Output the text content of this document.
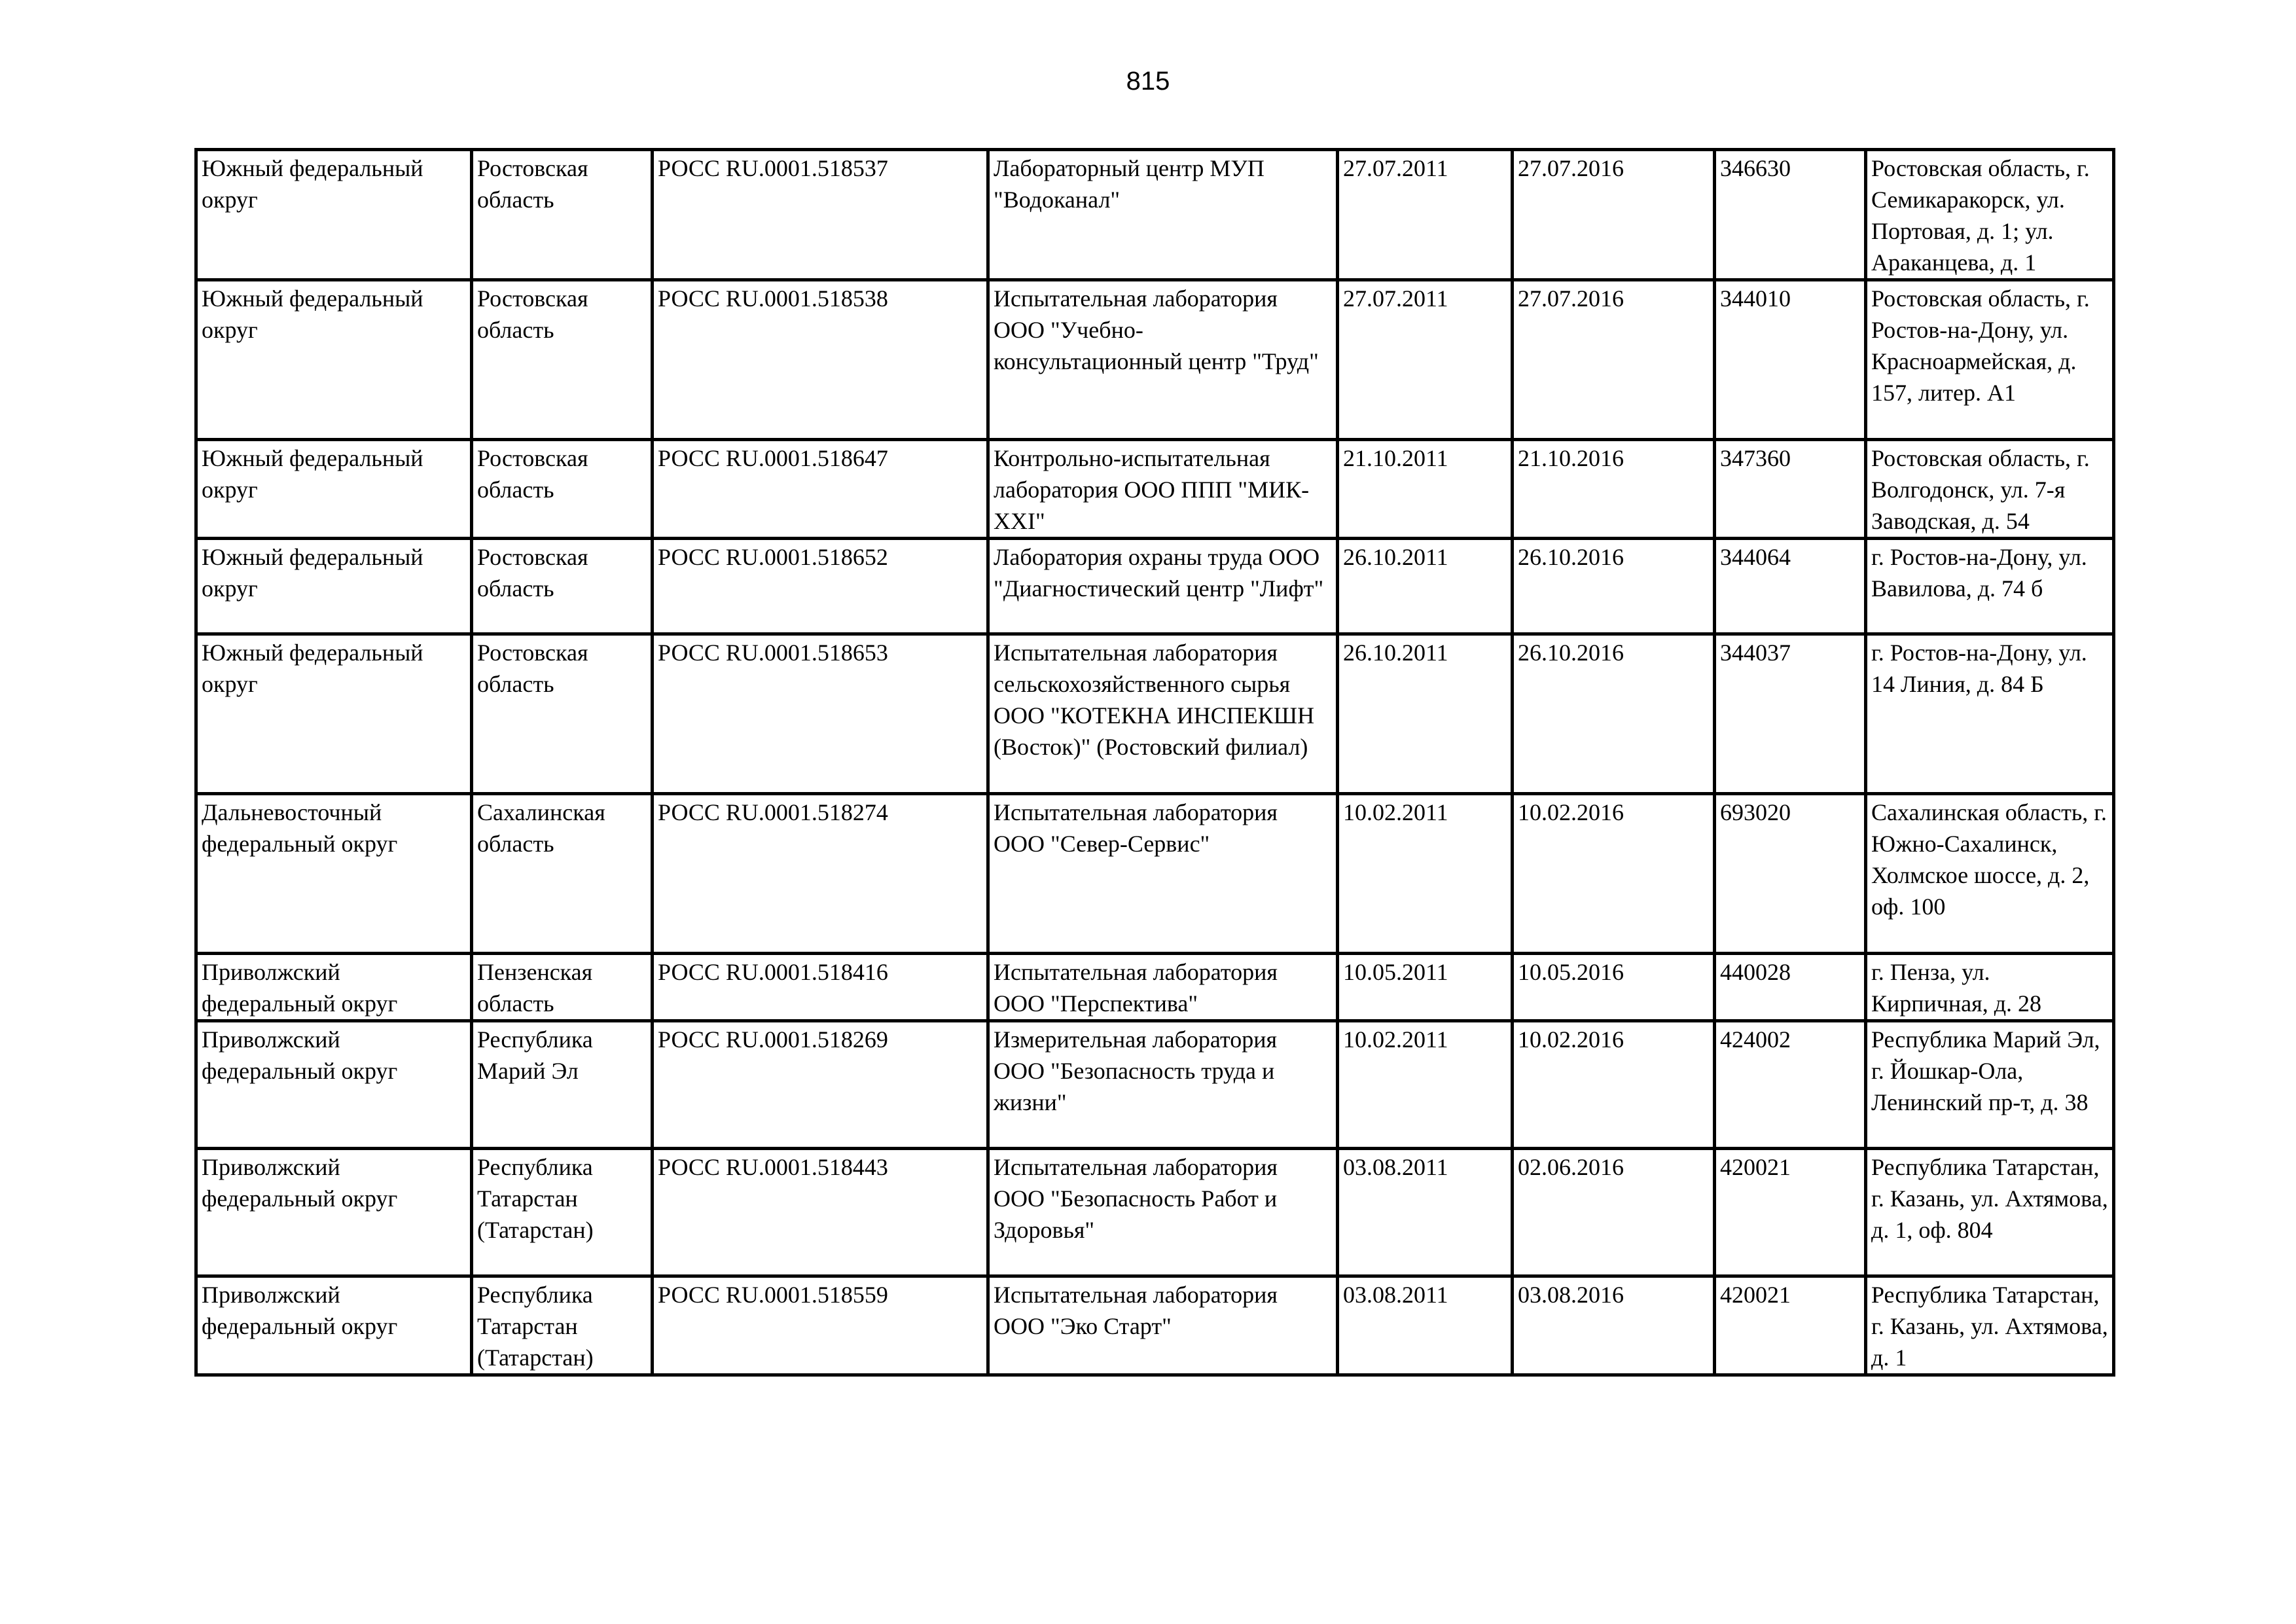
815
Южный федеральный округ	Ростовская область	РОСС RU.0001.518537	Лабораторный центр МУП "Водоканал"	27.07.2011	27.07.2016	346630	Ростовская область, г. Семикаракорск, ул. Портовая, д. 1; ул. Араканцева, д. 1
Южный федеральный округ	Ростовская область	РОСС RU.0001.518538	Испытательная лаборатория ООО "Учебно-консультационный центр "Труд"	27.07.2011	27.07.2016	344010	Ростовская область, г. Ростов-на-Дону, ул. Красноармейская, д. 157, литер. А1
Южный федеральный округ	Ростовская область	РОСС RU.0001.518647	Контрольно-испытательная лаборатория ООО ППП "МИК-XXI"	21.10.2011	21.10.2016	347360	Ростовская область, г. Волгодонск, ул. 7-я Заводская, д. 54
Южный федеральный округ	Ростовская область	РОСС RU.0001.518652	Лаборатория охраны труда ООО "Диагностический центр "Лифт"	26.10.2011	26.10.2016	344064	г. Ростов-на-Дону, ул. Вавилова, д. 74 б
Южный федеральный округ	Ростовская область	РОСС RU.0001.518653	Испытательная лаборатория сельскохозяйственного сырья ООО "КОТЕКНА ИНСПЕКШН (Восток)" (Ростовский филиал)	26.10.2011	26.10.2016	344037	г. Ростов-на-Дону, ул. 14 Линия, д. 84 Б
Дальневосточный федеральный округ	Сахалинская область	РОСС RU.0001.518274	Испытательная лаборатория ООО "Север-Сервис"	10.02.2011	10.02.2016	693020	Сахалинская область, г. Южно-Сахалинск, Холмское шоссе, д. 2, оф. 100
Приволжский федеральный округ	Пензенская область	РОСС RU.0001.518416	Испытательная лаборатория ООО "Перспектива"	10.05.2011	10.05.2016	440028	г. Пенза, ул. Кирпичная, д. 28
Приволжский федеральный округ	Республика Марий Эл	РОСС RU.0001.518269	Измерительная лаборатория ООО "Безопасность труда и жизни"	10.02.2011	10.02.2016	424002	Республика Марий Эл, г. Йошкар-Ола, Ленинский пр-т, д. 38
Приволжский федеральный округ	Республика Татарстан (Татарстан)	РОСС RU.0001.518443	Испытательная лаборатория ООО "Безопасность Работ и Здоровья"	03.08.2011	02.06.2016	420021	Республика Татарстан, г. Казань, ул. Ахтямова, д. 1, оф. 804
Приволжский федеральный округ	Республика Татарстан (Татарстан)	РОСС RU.0001.518559	Испытательная лаборатория ООО "Эко Старт"	03.08.2011	03.08.2016	420021	Республика Татарстан, г. Казань, ул. Ахтямова, д. 1
